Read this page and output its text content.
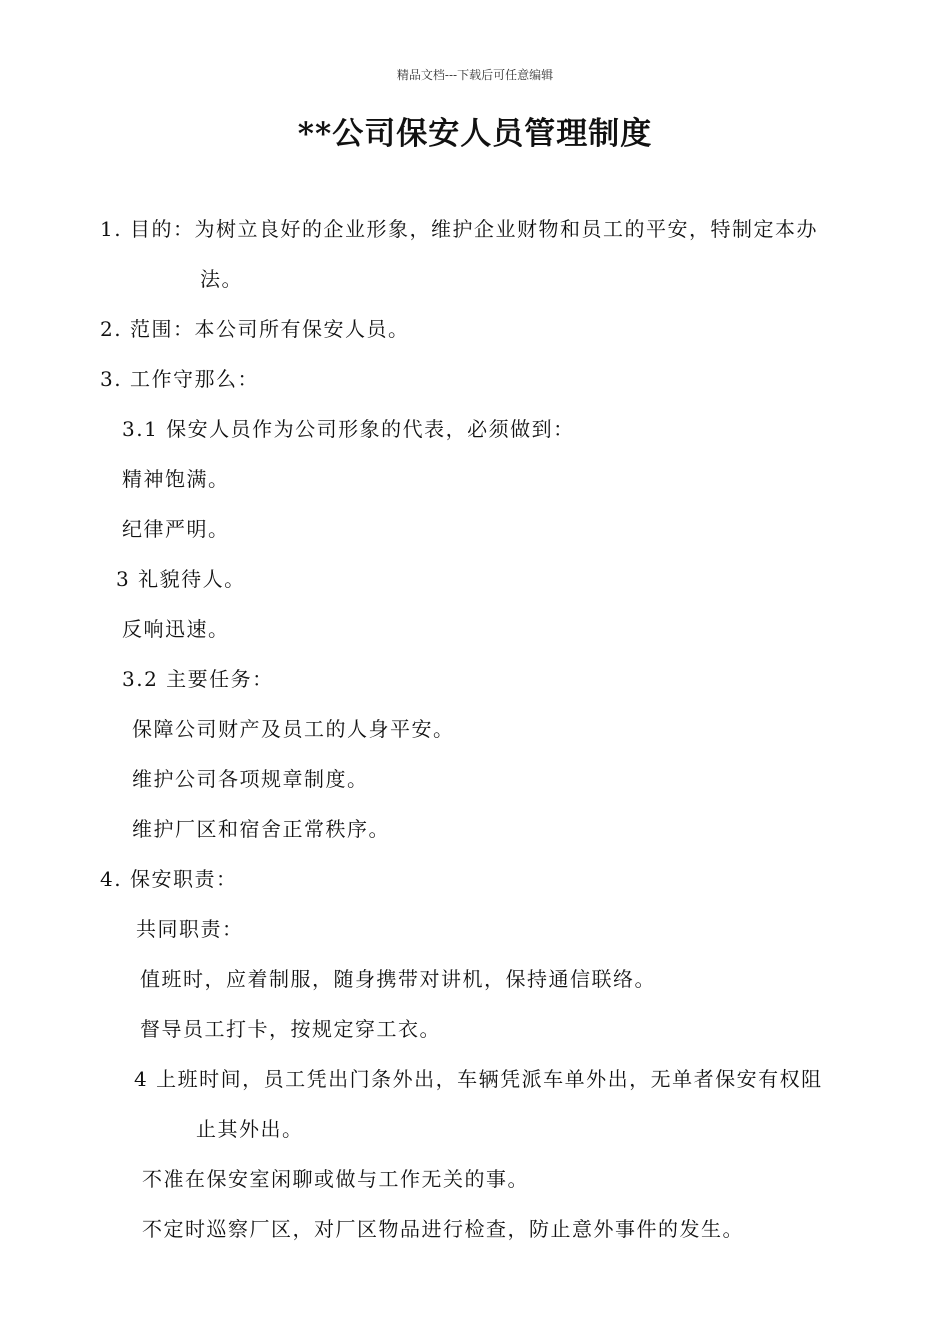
精品文档---下载后可任意编辑
**公司保安人员管理制度
1. 目的：为树立良好的企业形象，维护企业财物和员工的平安，特制定本办
法。
2. 范围：本公司所有保安人员。
3. 工作守那么：
3.1 保安人员作为公司形象的代表，必须做到：
精神饱满。
纪律严明。
3 礼貌待人。
反响迅速。
3.2 主要任务：
保障公司财产及员工的人身平安。
维护公司各项规章制度。
维护厂区和宿舍正常秩序。
4. 保安职责：
共同职责：
值班时，应着制服，随身携带对讲机，保持通信联络。
督导员工打卡，按规定穿工衣。
4 上班时间，员工凭出门条外出，车辆凭派车单外出，无单者保安有权阻
止其外出。
不准在保安室闲聊或做与工作无关的事。
不定时巡察厂区，对厂区物品进行检查，防止意外事件的发生。
